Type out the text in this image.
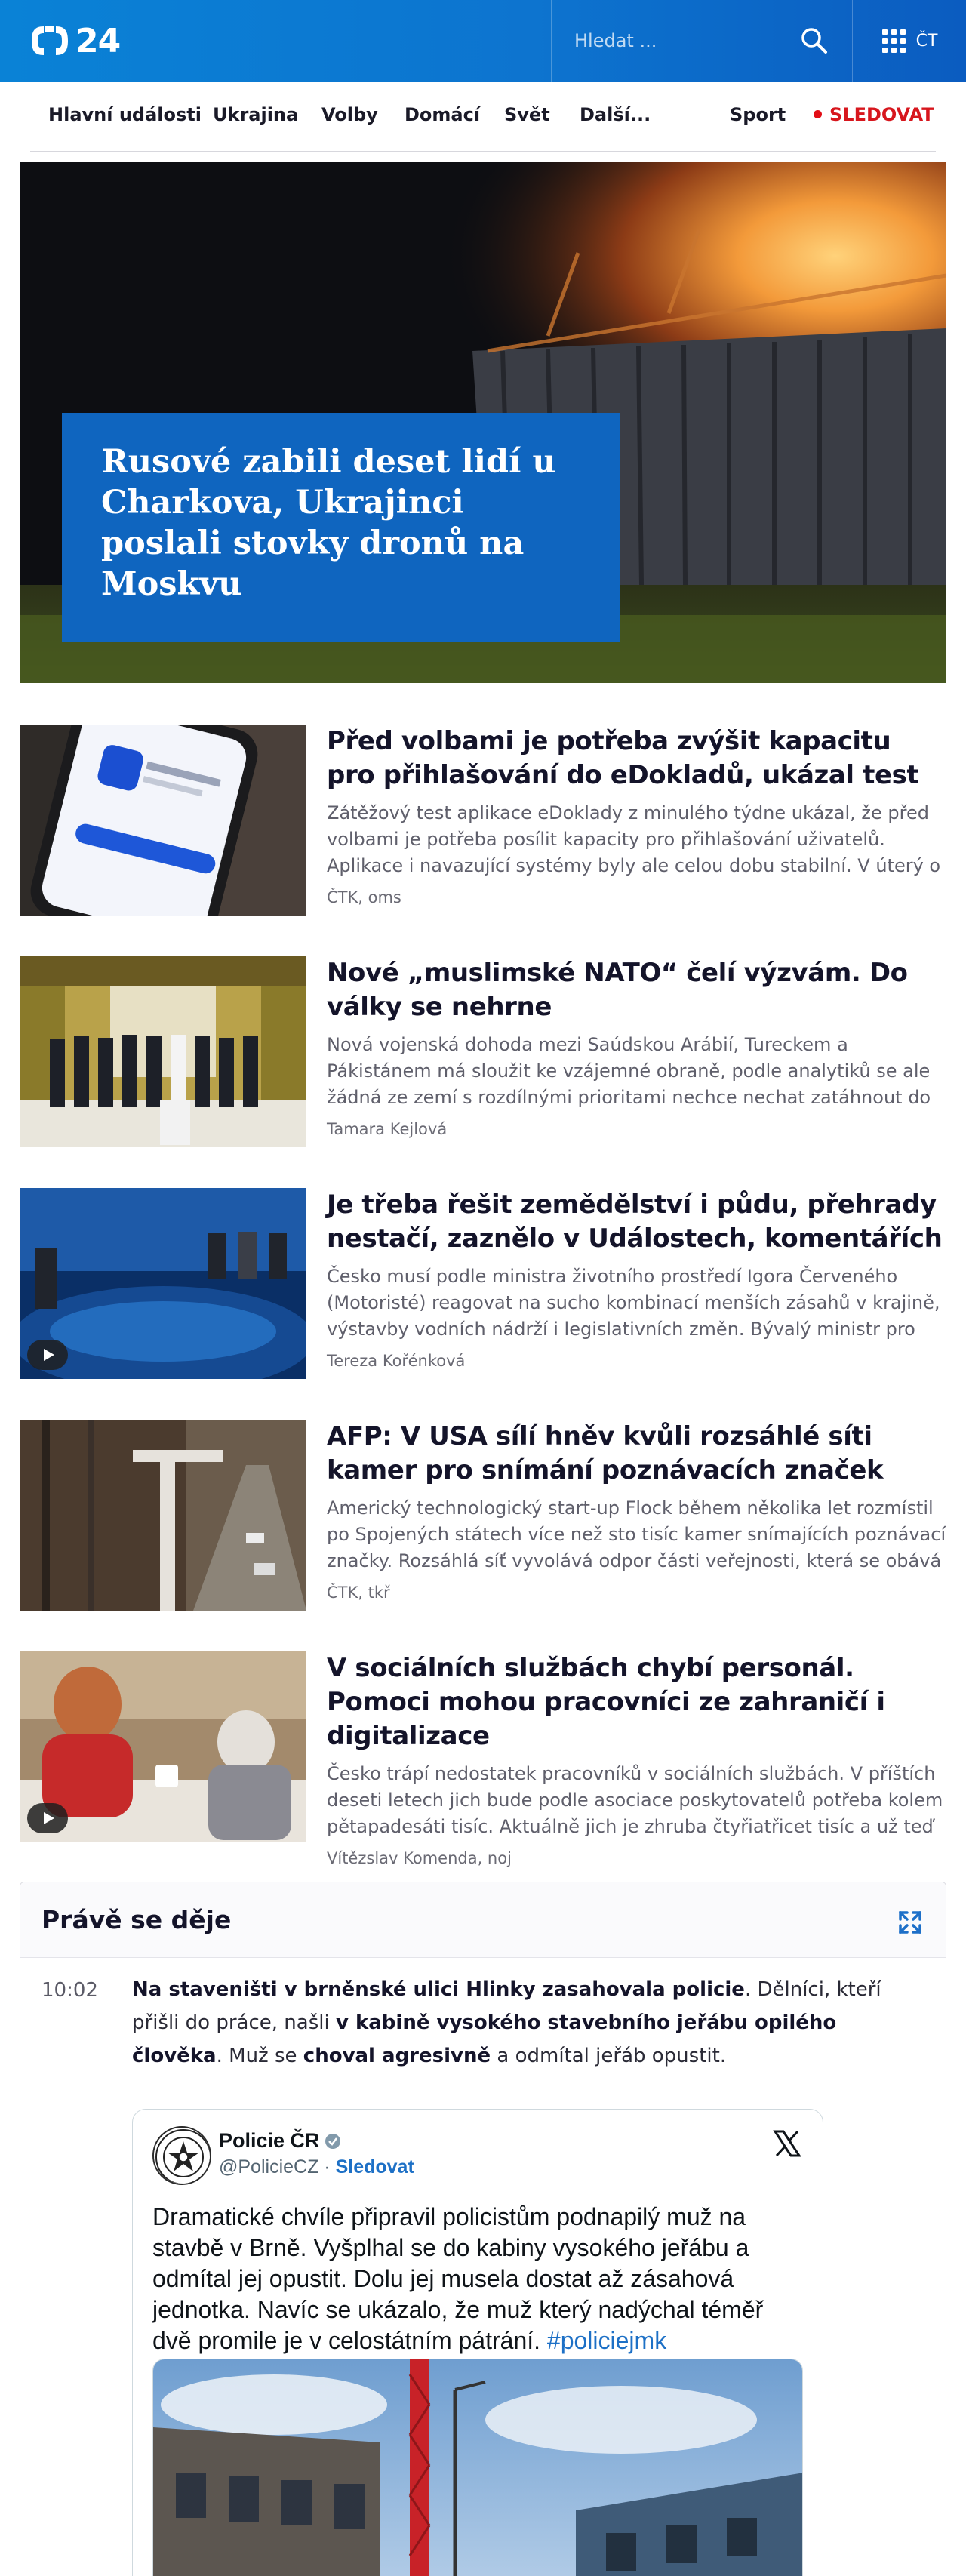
24
Hledat ...	ČT
Hlavní události Ukrajina Volby Domácí Svět Další...	Sport	SLEDOVAT
Rusové zabili deset lidí u Charkova, Ukrajinci poslali stovky dronů na Moskvu
Před volbami je potřeba zvýšit kapacitu pro přihlašování do eDokladů, ukázal test

Zátěžový test aplikace eDoklady z minulého týdne ukázal, že před volbami je potřeba posílit kapacity pro přihlašování uživatelů. Aplikace i navazující systémy byly ale celou dobu stabilní. V úterý o

ČTK, oms
Nové „muslimské NATO“ čelí výzvám. Do války se nehrne

Nová vojenská dohoda mezi Saúdskou Arábií, Tureckem a Pákistánem má sloužit ke vzájemné obraně, podle analytiků se ale žádná ze zemí s rozdílnými prioritami nechce nechat zatáhnout do

Tamara Kejlová
Je třeba řešit zemědělství i půdu, přehrady nestačí, zaznělo v Událostech, komentářích

Česko musí podle ministra životního prostředí Igora Červeného (Motoristé) reagovat na sucho kombinací menších zásahů v krajině, výstavby vodních nádrží i legislativních změn. Bývalý ministr pro

Tereza Kořénková
AFP: V USA sílí hněv kvůli rozsáhlé síti kamer pro snímání poznávacích značek

Americký technologický start-up Flock během několika let rozmístil po Spojených státech více než sto tisíc kamer snímajících poznávací značky. Rozsáhlá síť vyvolává odpor části veřejnosti, která se obává

ČTK, tkř
V sociálních službách chybí personál. Pomoci mohou pracovníci ze zahraničí i digitalizace

Česko trápí nedostatek pracovníků v sociálních službách. V příštích deseti letech jich bude podle asociace poskytovatelů potřeba kolem pětapadesáti tisíc. Aktuálně jich je zhruba čtyřiatřicet tisíc a už teď

Vítězslav Komenda, noj
Právě se děje
10:02 Na staveništi v brněnské ulici Hlinky zasahovala policie. Dělníci, kteří přišli do práce, našli v kabině vysokého stavebního jeřábu opilého člověka. Muž se choval agresivně a odmítal jeřáb opustit.
Policie ČR
@PolicieCZ · Sledovat
Dramatické chvíle připravil policistům podnapilý muž na stavbě v Brně. Vyšplhal se do kabiny vysokého jeřábu a odmítal jej opustit. Dolu jej musela dostat až zásahová jednotka. Navíc se ukázalo, že muž který nadýchal téměř dvě promile je v celostátním pátrání. #policiejmk
